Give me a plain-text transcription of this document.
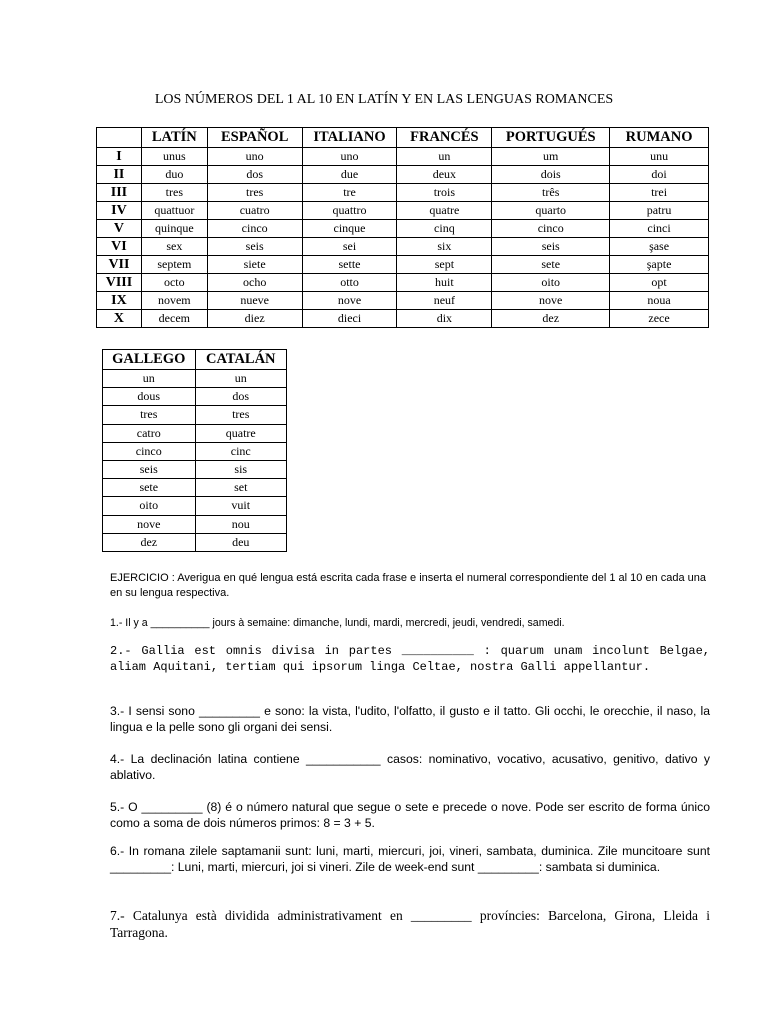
LOS NÚMEROS DEL 1 AL 10 EN LATÍN Y EN LAS LENGUAS ROMANCES
	LATÍN	ESPAÑOL	ITALIANO	FRANCÉS	PORTUGUÉS	RUMANO
I	unus	uno	uno	un	um	unu
II	duo	dos	due	deux	dois	doi
III	tres	tres	tre	trois	três	trei
IV	quattuor	cuatro	quattro	quatre	quarto	patru
V	quinque	cinco	cinque	cinq	cinco	cinci
VI	sex	seis	sei	six	seis	şase
VII	septem	siete	sette	sept	sete	şapte
VIII	octo	ocho	otto	huit	oito	opt
IX	novem	nueve	nove	neuf	nove	noua
X	decem	diez	dieci	dix	dez	zece
GALLEGO	CATALÁN
un	un
dous	dos
tres	tres
catro	quatre
cinco	cinc
seis	sis
sete	set
oito	vuit
nove	nou
dez	deu
EJERCICIO : Averigua en qué lengua está escrita cada frase e inserta el numeral correspondiente del 1 al 10 en cada una en su lengua respectiva.
1.- Il y a __________ jours à semaine: dimanche, lundi, mardi, mercredi, jeudi, vendredi, samedi.
2.- Gallia est omnis divisa in partes __________ : quarum unam incolunt Belgae, aliam Aquitani, tertiam qui ipsorum linga Celtae, nostra Galli appellantur.
3.- I sensi sono _________ e sono: la vista, l'udito, l'olfatto, il gusto e il tatto. Gli occhi, le orecchie, il naso, la lingua e la pelle sono gli organi dei sensi.
4.- La declinación latina contiene ___________ casos: nominativo, vocativo, acusativo, genitivo, dativo y ablativo.
5.- O _________ (8) é o número natural que segue o sete e precede o nove. Pode ser escrito de forma único como a soma de dois números primos: 8 = 3 + 5.
6.- In romana zilele saptamanii sunt: luni, marti, miercuri, joi, vineri, sambata, duminica. Zile muncitoare sunt _________: Luni, marti, miercuri, joi si vineri. Zile de week-end sunt _________: sambata si duminica.
7.- Catalunya està dividida administrativament en _________ províncies: Barcelona, Girona, Lleida i Tarragona.
